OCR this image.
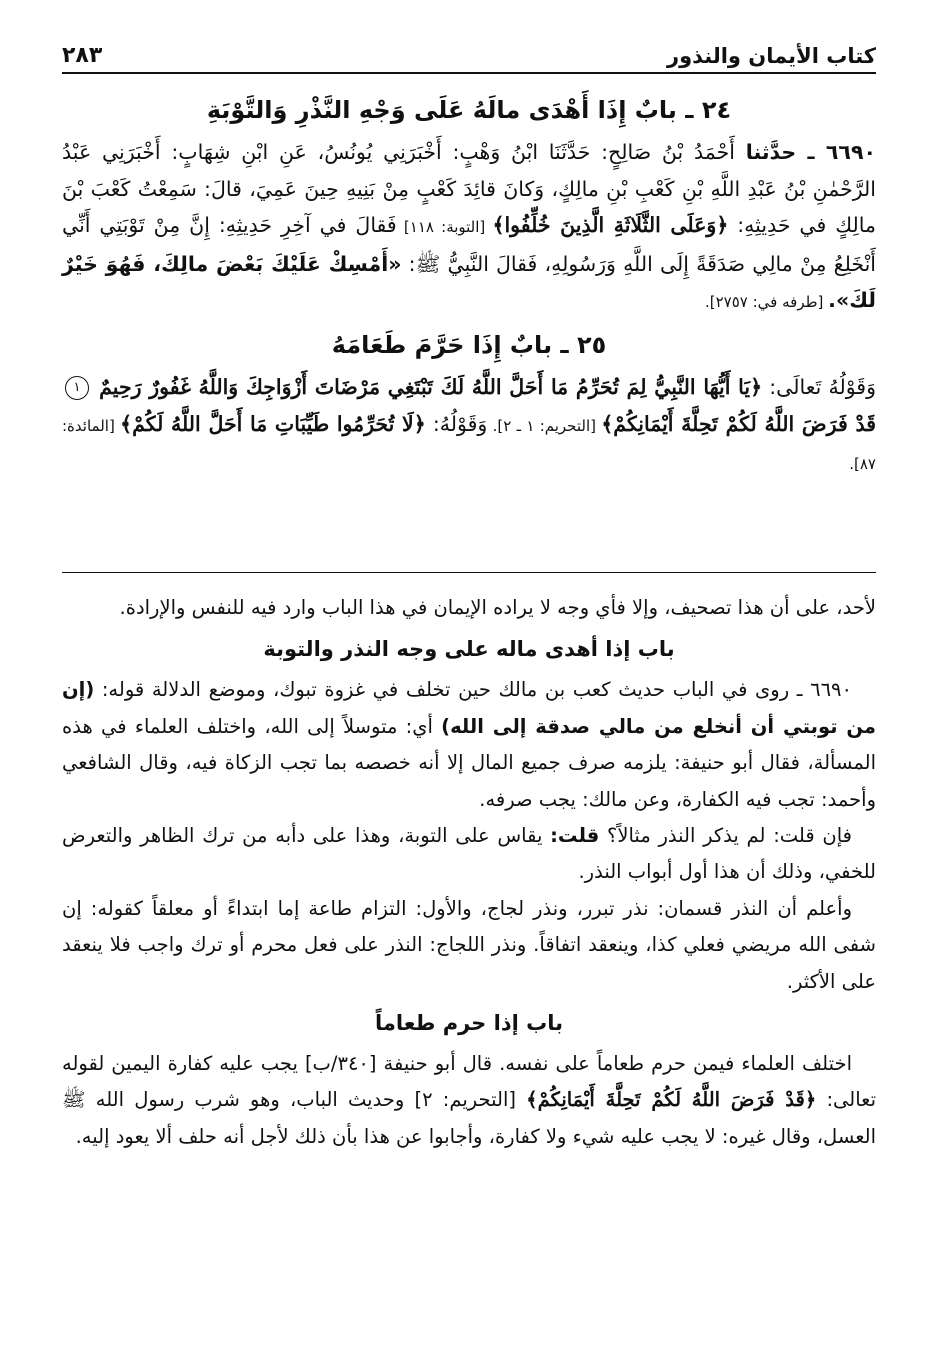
كتاب الأيمان والنذور
٢٨٣

٢٤ ـ بابٌ إِذَا أَهْدَى مالَهُ عَلَى وَجْهِ النَّذْرِ وَالتَّوْبَةِ

٦٦٩٠ ـ حدَّثنا أَحْمَدُ بْنُ صَالِحٍ: حَدَّثَنَا ابْنُ وَهْبٍ: أَخْبَرَنِي يُونُسُ، عَنِ ابْنِ شِهَابٍ: أَخْبَرَنِي عَبْدُ الرَّحْمٰنِ بْنُ عَبْدِ اللَّهِ بْنِ كَعْبِ بْنِ مالِكٍ، وَكانَ قائِدَ كَعْبٍ مِنْ بَنِيهِ حِينَ عَمِيَ، قالَ: سَمِعْتُ كَعْبَ بْنَ مالِكٍ في حَدِيثِهِ: ﴿وَعَلَى الثَّلَاثَةِ الَّذِينَ خُلِّفُوا﴾ [التوبة: ١١٨] فَقالَ في آخِرِ حَدِيثِهِ: إِنَّ مِنْ تَوْبَتِي أَنِّي أَنْخَلِعُ مِنْ مالِي صَدَقَةً إِلَى اللَّهِ وَرَسُولِهِ، فَقالَ النَّبِيُّ ﷺ: «أَمْسِكْ عَلَيْكَ بَعْضَ مالِكَ، فَهُوَ خَيْرٌ لَكَ». [طرفه في: ٢٧٥٧].

٢٥ ـ بابٌ إِذَا حَرَّمَ طَعَامَهُ

وَقَوْلُهُ تَعالَى: ﴿يَا أَيُّهَا النَّبِيُّ لِمَ تُحَرِّمُ مَا أَحَلَّ اللَّهُ لَكَ تَبْتَغِي مَرْضَاتَ أَزْوَاجِكَ وَاللَّهُ غَفُورٌ رَحِيمٌ ١ قَدْ فَرَضَ اللَّهُ لَكُمْ تَحِلَّةَ أَيْمَانِكُمْ﴾ [التحريم: ١ ـ ٢]. وَقَوْلُهُ: ﴿لَا تُحَرِّمُوا طَيِّبَاتِ مَا أَحَلَّ اللَّهُ لَكُمْ﴾ [المائدة: ٨٧].

لأحد، على أن هذا تصحيف، وإلا فأي وجه لا يراده الإيمان في هذا الباب وارد فيه للنفس والإرادة.

باب إذا أهدى ماله على وجه النذر والتوبة

٦٦٩٠ ـ روى في الباب حديث كعب بن مالك حين تخلف في غزوة تبوك، وموضع الدلالة قوله: (إن من توبتي أن أنخلع من مالي صدقة إلى الله) أي: متوسلاً إلى الله، واختلف العلماء في هذه المسألة، فقال أبو حنيفة: يلزمه صرف جميع المال إلا أنه خصصه بما تجب الزكاة فيه، وقال الشافعي وأحمد: تجب فيه الكفارة، وعن مالك: يجب صرفه.

فإن قلت: لم يذكر النذر مثالاً؟ قلت: يقاس على التوبة، وهذا على دأبه من ترك الظاهر والتعرض للخفي، وذلك أن هذا أول أبواب النذر.

وأعلم أن النذر قسمان: نذر تبرر، ونذر لجاج، والأول: التزام طاعة إما ابتداءً أو معلقاً كقوله: إن شفى الله مريضي فعلي كذا، وينعقد اتفاقاً. ونذر اللجاج: النذر على فعل محرم أو ترك واجب فلا ينعقد على الأكثر.

باب إذا حرم طعاماً

اختلف العلماء فيمن حرم طعاماً على نفسه. قال أبو حنيفة [٣٤٠/ب] يجب عليه كفارة اليمين لقوله تعالى: ﴿قَدْ فَرَضَ اللَّهُ لَكُمْ تَحِلَّةَ أَيْمَانِكُمْ﴾ [التحريم: ٢] وحديث الباب، وهو شرب رسول الله ﷺ العسل، وقال غيره: لا يجب عليه شيء ولا كفارة، وأجابوا عن هذا بأن ذلك لأجل أنه حلف ألا يعود إليه.
